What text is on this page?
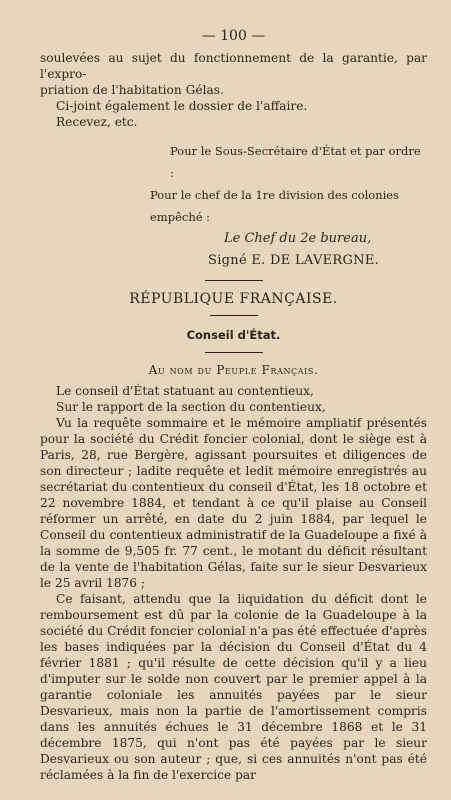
— 100 —

soulevées au sujet du fonctionnement de la garantie, par l'expro-

priation de l'habitation Gélas.

Ci-joint également le dossier de l'affaire.

Recevez, etc.

Pour le Sous-Secrétaire d'État et par ordre :

Pour le chef de la 1re division des colonies empêché :

Le Chef du 2e bureau,

Signé E. DE LAVERGNE.

RÉPUBLIQUE FRANÇAISE.
Conseil d'État.
Au nom du Peuple Français.

Le conseil d'État statuant au contentieux,

Sur le rapport de la section du contentieux,

Vu la requête sommaire et le mémoire ampliatif présentés pour la société du Crédit foncier colonial, dont le siège est à Paris, 28, rue Bergère, agissant poursuites et diligences de son directeur ; ladite requête et ledit mémoire enregistrés au secrétariat du contentieux du conseil d'État, les 18 octobre et 22 novembre 1884, et tendant à ce qu'il plaise au Conseil réformer un arrêté, en date du 2 juin 1884, par lequel le Conseil du contentieux administratif de la Guadeloupe a fixé à la somme de 9,505 fr. 77 cent., le motant du déficit résultant de la vente de l'habitation Gélas, faite sur le sieur Desvarieux le 25 avril 1876 ;

Ce faisant, attendu que la liquidation du déficit dont le remboursement est dû par la colonie de la Guadeloupe à la société du Crédit foncier colonial n'a pas été effectuée d'après les bases indiquées par la décision du Conseil d'État du 4 février 1881 ; qu'il résulte de cette décision qu'il y a lieu d'imputer sur le solde non couvert par le premier appel à la garantie coloniale les annuités payées par le sieur Desvarieux, mais non la partie de l'amortissement compris dans les annuités échues le 31 décembre 1868 et le 31 décembre 1875, qui n'ont pas été payées par le sieur Desvarieux ou son auteur ; que, si ces annuités n'ont pas été réclamées à la fin de l'exercice par
